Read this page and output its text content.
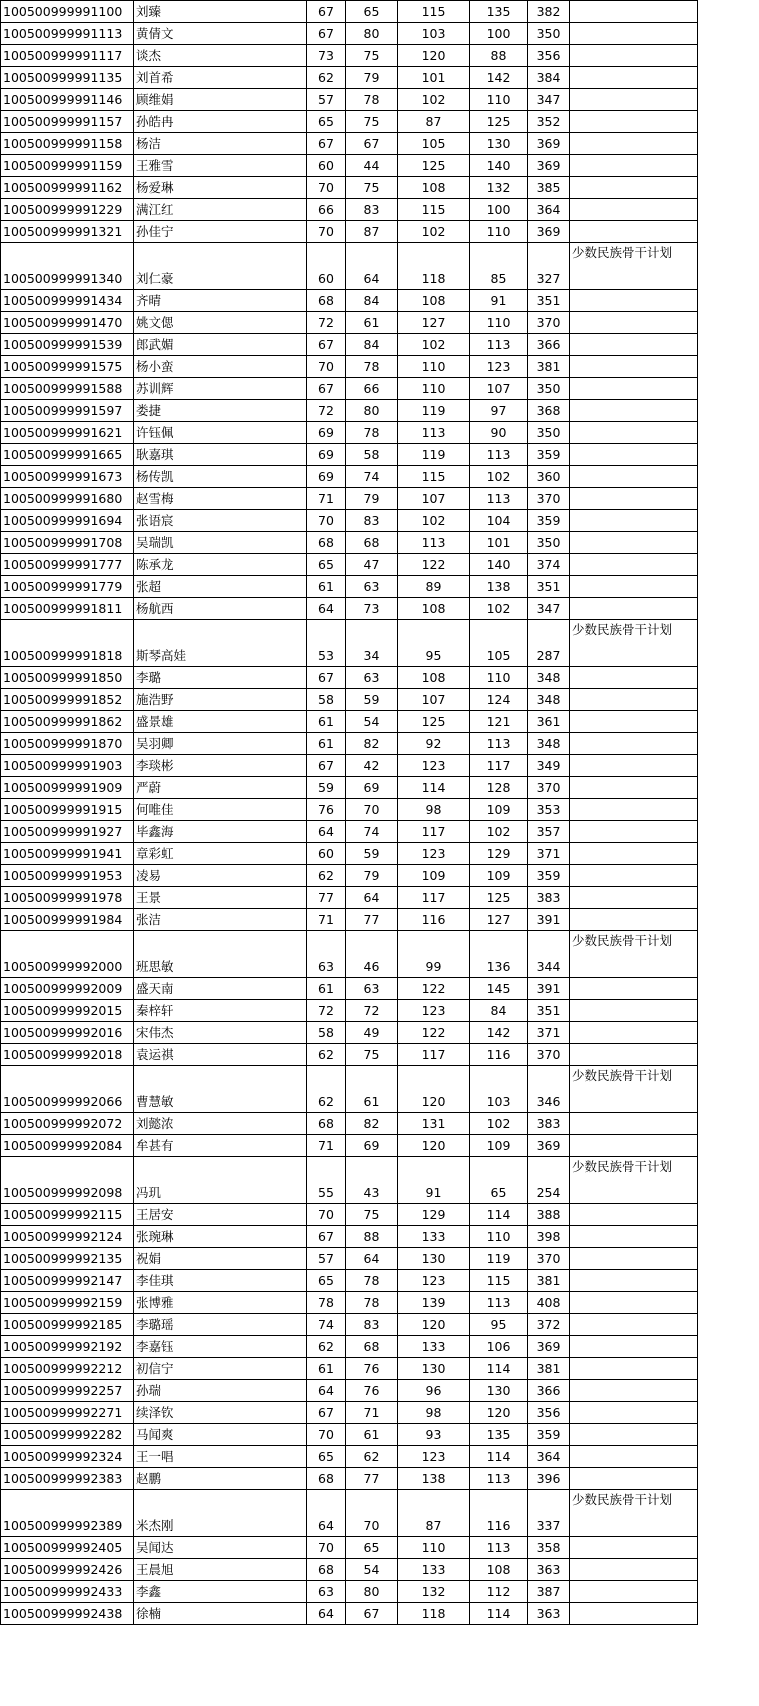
100500999991100	刘臻	67	65	115	135	382	
100500999991113	黄倩文	67	80	103	100	350	
100500999991117	谈杰	73	75	120	88	356	
100500999991135	刘首希	62	79	101	142	384	
100500999991146	顾维娟	57	78	102	110	347	
100500999991157	孙皓冉	65	75	87	125	352	
100500999991158	杨洁	67	67	105	130	369	
100500999991159	王雅雪	60	44	125	140	369	
100500999991162	杨爱琳	70	75	108	132	385	
100500999991229	满江红	66	83	115	100	364	
100500999991321	孙佳宁	70	87	102	110	369	
100500999991340	刘仁豪	60	64	118	85	327	少数民族骨干计划
100500999991434	齐晴	68	84	108	91	351	
100500999991470	姚文偲	72	61	127	110	370	
100500999991539	郎武媚	67	84	102	113	366	
100500999991575	杨小蛮	70	78	110	123	381	
100500999991588	苏训辉	67	66	110	107	350	
100500999991597	娄捷	72	80	119	97	368	
100500999991621	许钰佩	69	78	113	90	350	
100500999991665	耿嘉琪	69	58	119	113	359	
100500999991673	杨传凯	69	74	115	102	360	
100500999991680	赵雪梅	71	79	107	113	370	
100500999991694	张语宸	70	83	102	104	359	
100500999991708	吴瑞凯	68	68	113	101	350	
100500999991777	陈承龙	65	47	122	140	374	
100500999991779	张超	61	63	89	138	351	
100500999991811	杨航西	64	73	108	102	347	
100500999991818	斯琴高娃	53	34	95	105	287	少数民族骨干计划
100500999991850	李璐	67	63	108	110	348	
100500999991852	施浩野	58	59	107	124	348	
100500999991862	盛景雄	61	54	125	121	361	
100500999991870	吴羽卿	61	82	92	113	348	
100500999991903	李琰彬	67	42	123	117	349	
100500999991909	严蔚	59	69	114	128	370	
100500999991915	何唯佳	76	70	98	109	353	
100500999991927	毕鑫海	64	74	117	102	357	
100500999991941	章彩虹	60	59	123	129	371	
100500999991953	凌易	62	79	109	109	359	
100500999991978	王景	77	64	117	125	383	
100500999991984	张洁	71	77	116	127	391	
100500999992000	班思敏	63	46	99	136	344	少数民族骨干计划
100500999992009	盛天南	61	63	122	145	391	
100500999992015	秦梓轩	72	72	123	84	351	
100500999992016	宋伟杰	58	49	122	142	371	
100500999992018	袁运祺	62	75	117	116	370	
100500999992066	曹慧敏	62	61	120	103	346	少数民族骨干计划
100500999992072	刘懿浓	68	82	131	102	383	
100500999992084	牟甚有	71	69	120	109	369	
100500999992098	冯玑	55	43	91	65	254	少数民族骨干计划
100500999992115	王居安	70	75	129	114	388	
100500999992124	张琬琳	67	88	133	110	398	
100500999992135	祝娟	57	64	130	119	370	
100500999992147	李佳琪	65	78	123	115	381	
100500999992159	张博雅	78	78	139	113	408	
100500999992185	李璐瑶	74	83	120	95	372	
100500999992192	李嘉钰	62	68	133	106	369	
100500999992212	初信宁	61	76	130	114	381	
100500999992257	孙瑞	64	76	96	130	366	
100500999992271	续泽钦	67	71	98	120	356	
100500999992282	马闻爽	70	61	93	135	359	
100500999992324	王一唱	65	62	123	114	364	
100500999992383	赵鹏	68	77	138	113	396	
100500999992389	米杰刚	64	70	87	116	337	少数民族骨干计划
100500999992405	吴闻达	70	65	110	113	358	
100500999992426	王晨旭	68	54	133	108	363	
100500999992433	李鑫	63	80	132	112	387	
100500999992438	徐楠	64	67	118	114	363	
